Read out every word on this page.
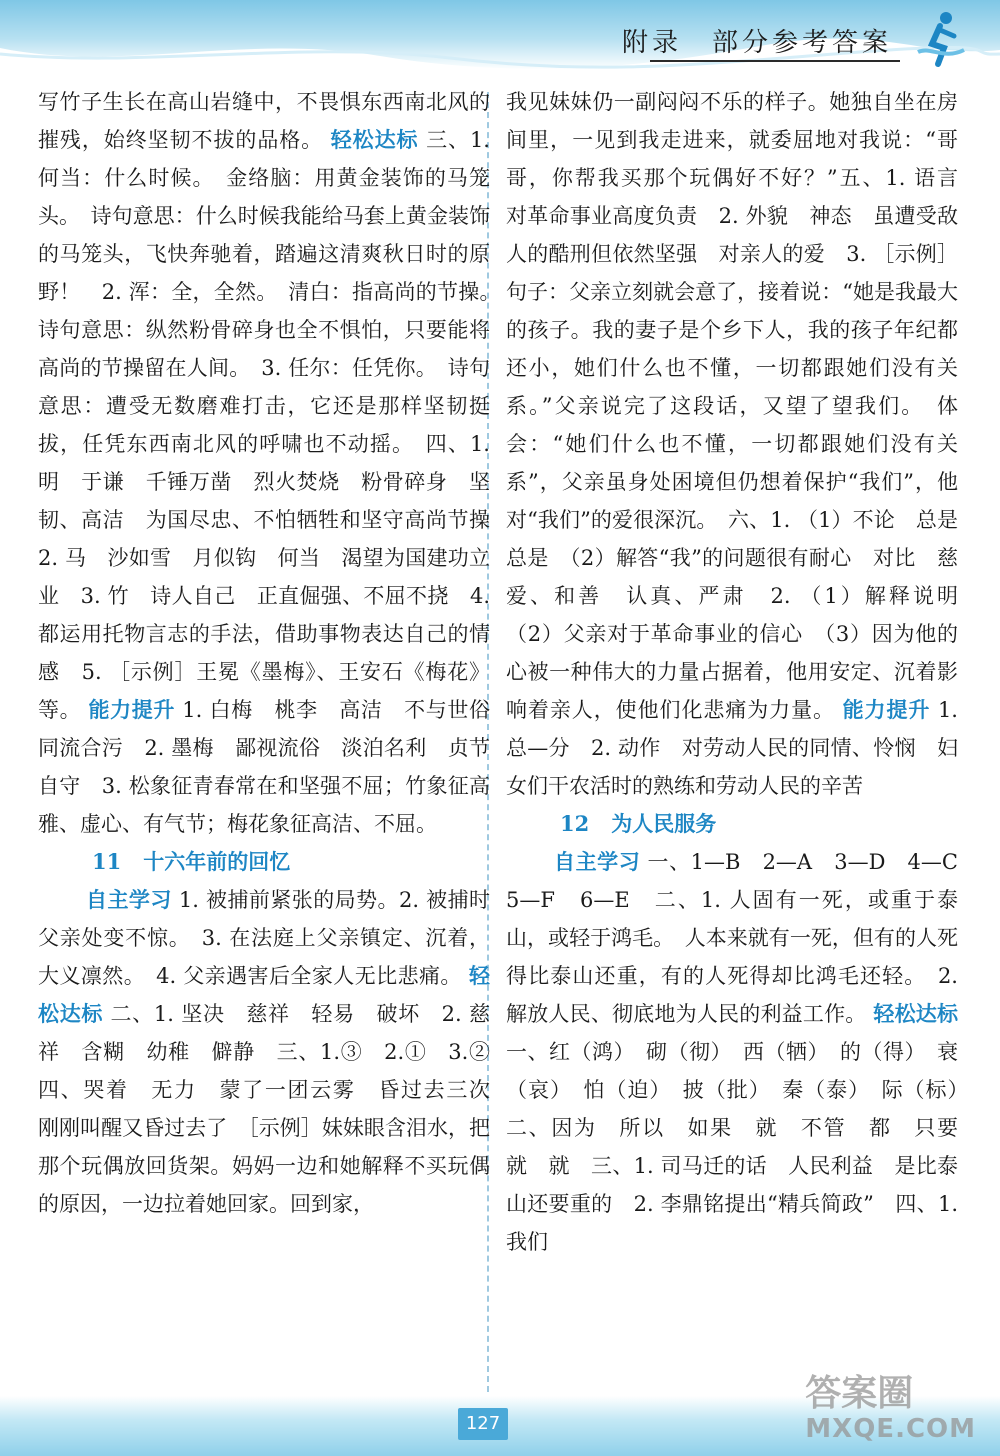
附录　部分参考答案

写竹子生长在高山岩缝中，不畏惧东西南北风的摧残，始终坚韧不拔的品格。 轻松达标 三、1. 何当：什么时候。　金络脑：用黄金装饰的马笼头。　诗句意思：什么时候我能给马套上黄金装饰的马笼头，飞快奔驰着，踏遍这清爽秋日时的原野！　2. 浑：全，全然。　清白：指高尚的节操。　诗句意思：纵然粉骨碎身也全不惧怕，只要能将高尚的节操留在人间。　3. 任尔：任凭你。　诗句意思：遭受无数磨难打击，它还是那样坚韧挺拔，任凭东西南北风的呼啸也不动摇。　四、1. 明　于谦　千锤万凿　烈火焚烧　粉骨碎身　坚韧、高洁　为国尽忠、不怕牺牲和坚守高尚节操　2. 马　沙如雪　月似钩　何当　渴望为国建功立业　3. 竹　诗人自己　正直倔强、不屈不挠　4. 都运用托物言志的手法，借助事物表达自己的情感　5. ［示例］王冕《墨梅》、王安石《梅花》等。 能力提升 1. 白梅　桃李　高洁　不与世俗同流合污　2. 墨梅　鄙视流俗　淡泊名利　贞节自守　3. 松象征青春常在和坚强不屈；竹象征高雅、虚心、有气节；梅花象征高洁、不屈。

11 十六年前的回忆

自主学习 1. 被捕前紧张的局势。2. 被捕时父亲处变不惊。　3. 在法庭上父亲镇定、沉着，大义凛然。　4. 父亲遇害后全家人无比悲痛。 轻松达标 二、1. 坚决　慈祥　轻易　破坏　2. 慈祥　含糊　幼稚　僻静　三、1.③　2.①　3.②　四、哭着　无力　蒙了一团云雾　昏过去三次　刚刚叫醒又昏过去了　［示例］妹妹眼含泪水，把那个玩偶放回货架。妈妈一边和她解释不买玩偶的原因，一边拉着她回家。回到家，

我见妹妹仍一副闷闷不乐的样子。她独自坐在房间里，一见到我走进来，就委屈地对我说：“哥哥，你帮我买那个玩偶好不好？”五、1. 语言　对革命事业高度负责　2. 外貌　神态　虽遭受敌人的酷刑但依然坚强　对亲人的爱　3. ［示例］句子：父亲立刻就会意了，接着说：“她是我最大的孩子。我的妻子是个乡下人，我的孩子年纪都还小，她们什么也不懂，一切都跟她们没有关系。”父亲说完了这段话，又望了望我们。　体会：“她们什么也不懂，一切都跟她们没有关系”，父亲虽身处困境但仍想着保护“我们”，他对“我们”的爱很深沉。　六、1. （1）不论　总是　总是　（2）解答“我”的问题很有耐心　对比　慈爱、和善　认真、严肃　2. （1）解释说明　（2）父亲对于革命事业的信心　（3）因为他的心被一种伟大的力量占据着，他用安定、沉着影响着亲人，使他们化悲痛为力量。 能力提升 1. 总—分　2. 动作　对劳动人民的同情、怜悯　妇女们干农活时的熟练和劳动人民的辛苦

12 为人民服务

自主学习 一、1—B　2—A　3—D　4—C　5—F　6—E　二、1. 人固有一死，或重于泰山，或轻于鸿毛。　人本来就有一死，但有的人死得比泰山还重，有的人死得却比鸿毛还轻。　2. 解放人民、彻底地为人民的利益工作。 轻松达标 一、红（鸿）　砌（彻）　西（牺）　的（得）　衰（哀）　怕（迫）　披（批）　秦（泰）　际（标）　二、因为　所以　如果　就　不管　都　只要　就　就　三、1. 司马迁的话　人民利益　是比泰山还要重的　2. 李鼎铭提出“精兵简政”　四、1. 我们

127
答案圈
MXQE.COM
